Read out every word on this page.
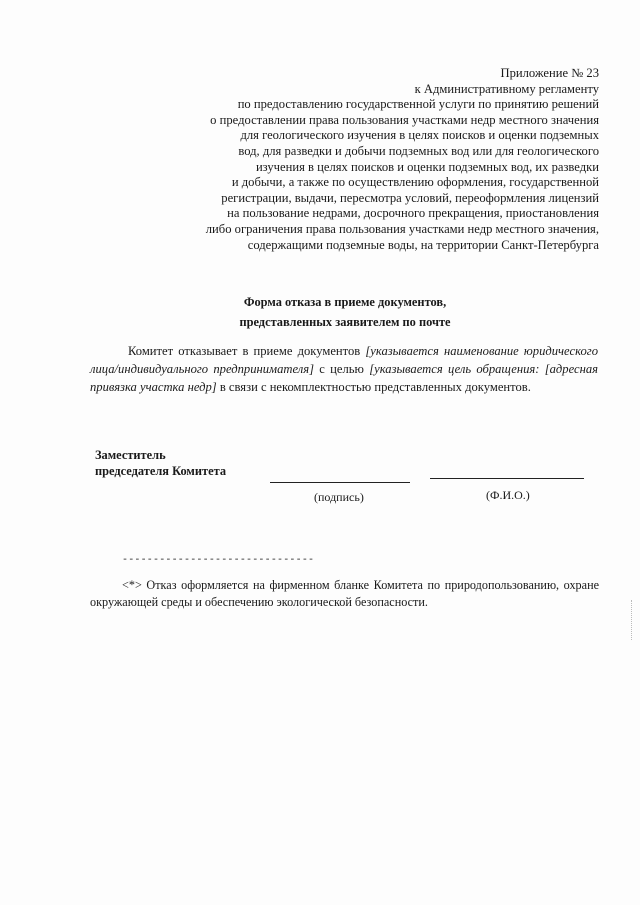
Приложение № 23
к Административному регламенту
по предоставлению государственной услуги по принятию решений
о предоставлении права пользования участками недр местного значения
для геологического изучения в целях поисков и оценки подземных
вод, для разведки и добычи подземных вод или для геологического
изучения в целях поисков и оценки подземных вод, их разведки
и добычи, а также по осуществлению оформления, государственной
регистрации, выдачи, пересмотра условий, переоформления лицензий
на пользование недрами, досрочного прекращения, приостановления
либо ограничения права пользования участками недр местного значения,
содержащими подземные воды, на территории Санкт-Петербурга
Форма отказа в приеме документов,
представленных заявителем по почте

Комитет отказывает в приеме документов [указывается наименование юридического лица/индивидуального предпринимателя] с целью [указывается цель обращения: [адресная привязка участка недр] в связи с некомплектностью представленных документов.

Заместитель
председателя Комитета
(подпись)	(Ф.И.О.)
-------------------------------

<*> Отказ оформляется на фирменном бланке Комитета по природопользованию, охране окружающей среды и обеспечению экологической безопасности.
